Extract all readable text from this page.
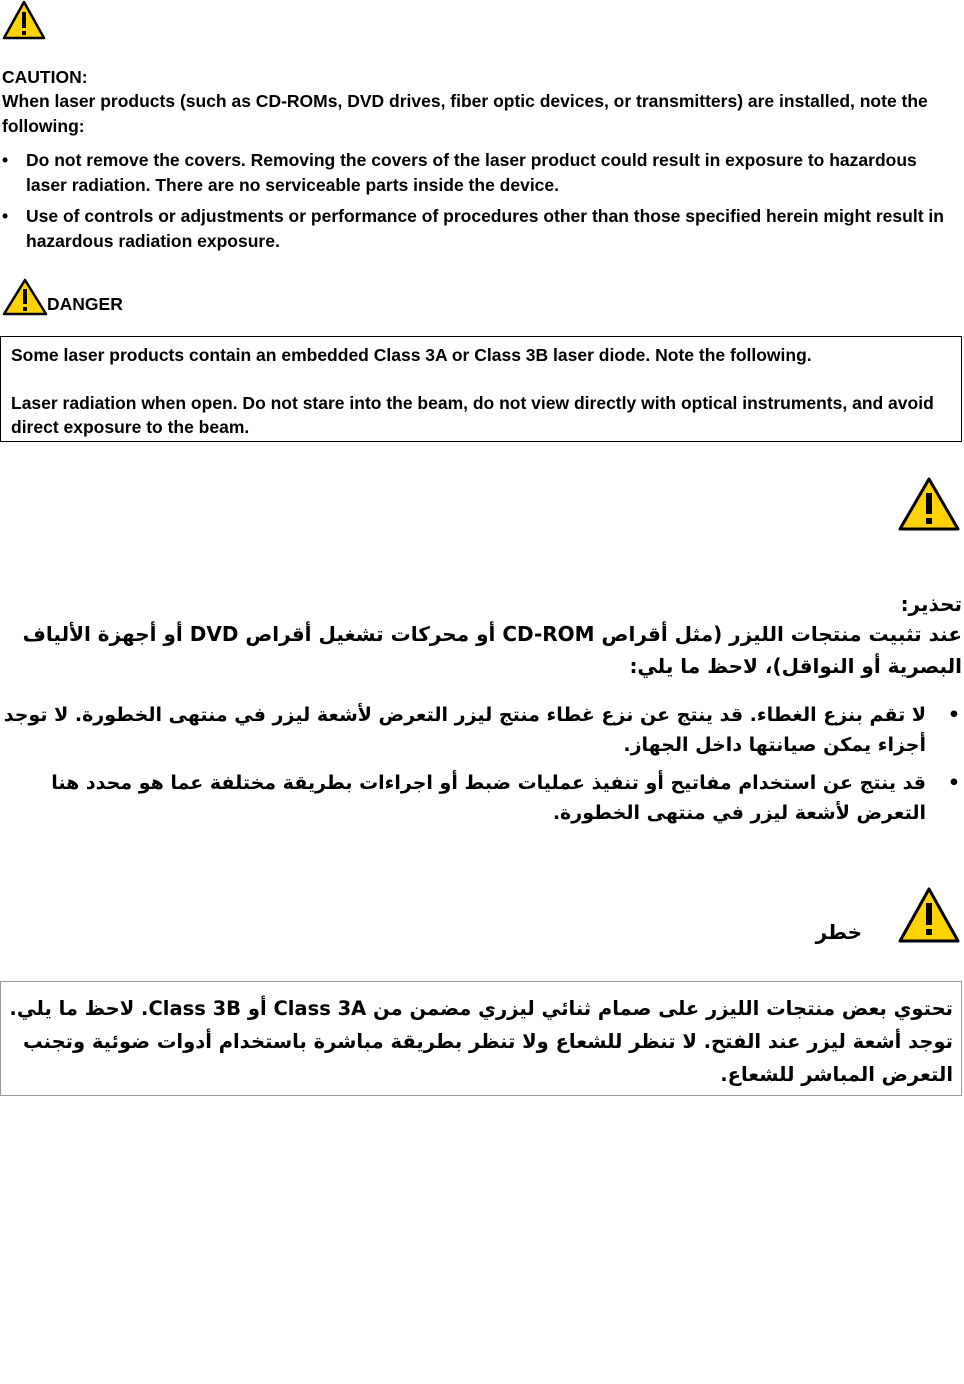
CAUTION:
When laser products (such as CD-ROMs, DVD drives, fiber optic devices, or transmitters) are installed, note the following:
• Do not remove the covers. Removing the covers of the laser product could result in exposure to hazardous laser radiation. There are no serviceable parts inside the device.
• Use of controls or adjustments or performance of procedures other than those specified herein might result in hazardous radiation exposure.
DANGER

Some laser products contain an embedded Class 3A or Class 3B laser diode. Note the following.

Laser radiation when open. Do not stare into the beam, do not view directly with optical instruments, and avoid direct exposure to the beam.

تحذير:
عند تثبيت منتجات الليزر (مثل أقراص CD-ROM أو محركات تشغيل أقراص DVD أو أجهزة الألياف البصرية أو النواقل)، لاحظ ما يلي:
•
لا تقم بنزع الغطاء. قد ينتج عن نزع غطاء منتج ليزر التعرض لأشعة ليزر في منتهى الخطورة. لا توجد أجزاء يمكن صيانتها داخل الجهاز.
•
قد ينتج عن استخدام مفاتيح أو تنفيذ عمليات ضبط أو اجراءات بطريقة مختلفة عما هو محدد هنا التعرض لأشعة ليزر في منتهى الخطورة.
خطر

تحتوي بعض منتجات الليزر على صمام ثنائي ليزري مضمن من Class 3A أو Class 3B. لاحظ ما يلي. توجد أشعة ليزر عند الفتح. لا تنظر للشعاع ولا تنظر بطريقة مباشرة باستخدام أدوات ضوئية وتجنب التعرض المباشر للشعاع.
